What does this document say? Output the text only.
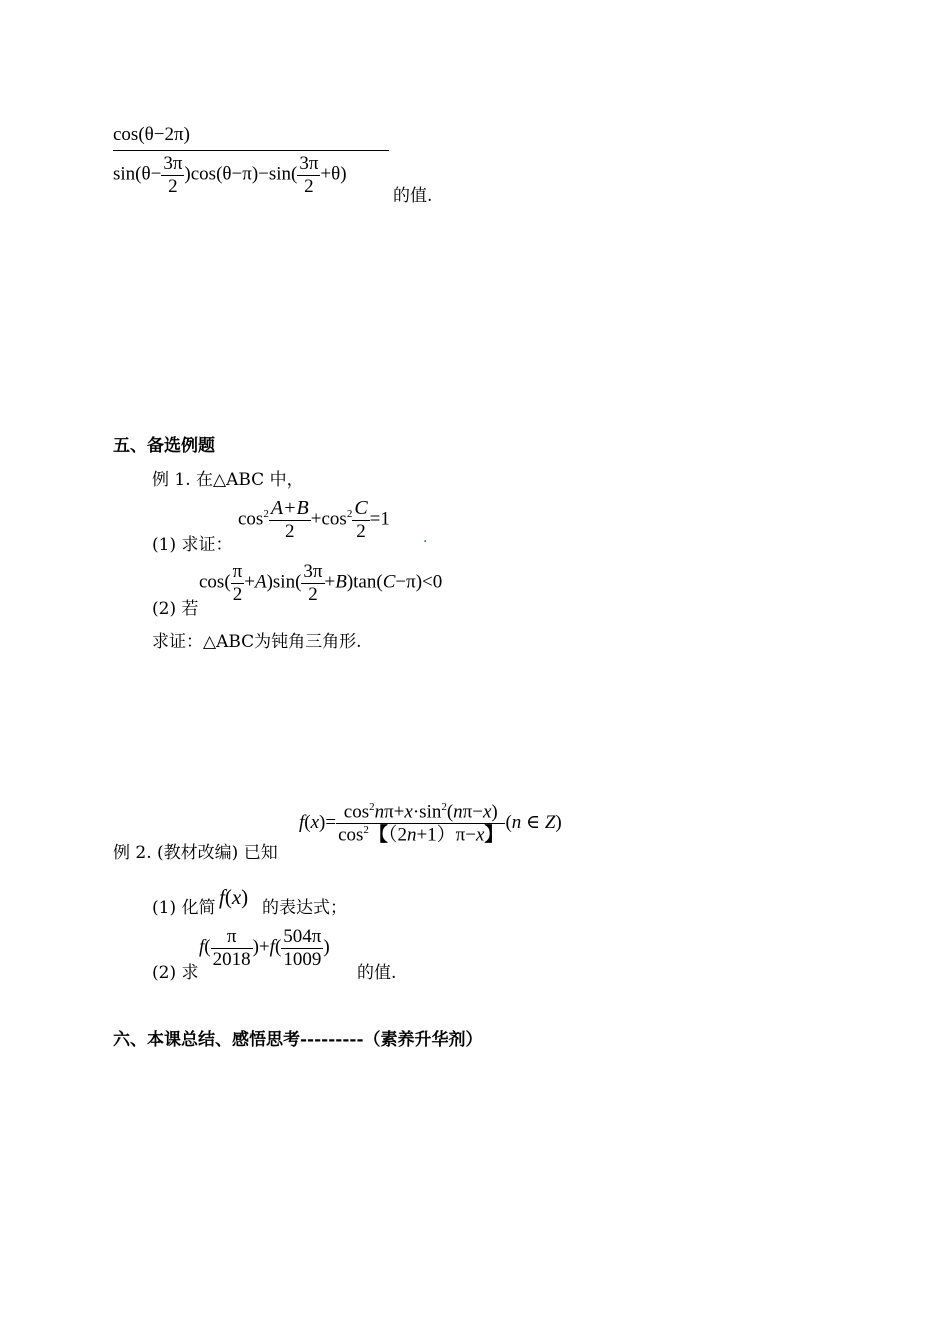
$\frac{\cos(\theta-2\pi)}{\sin(\theta- \frac{3\pi}{2} )\cos(\theta-\pi)-\sin( \frac{3\pi}{2} +\theta)}$ 的值.
五、备选例题
例 1. 在△ABC 中，
(1) 求证：
$\cos^2 \frac{A+B}{2} +\cos^2 \frac{C}{2} =1$
.
(2) 若
$\cos( \frac{\pi}{2} +A)\sin( \frac{3\pi}{2} +B)\tan(C-\pi)<0$
求证：△ABC为钝角三角形.
例 2. (教材改编) 已知
$f(x)= \frac{\cos^2n\pi+x\cdot\sin^2(n\pi-x)}{\cos^2【(2n+1)\pi-x】} (n$ ∈ Z)
(1) 化简 f(x) 的表达式；
(2) 求
$f( \frac{\pi}{2018} )+f( \frac{504\pi}{1009}$ )
的值.
六、本课总结、感悟思考---------（素养升华剂）
